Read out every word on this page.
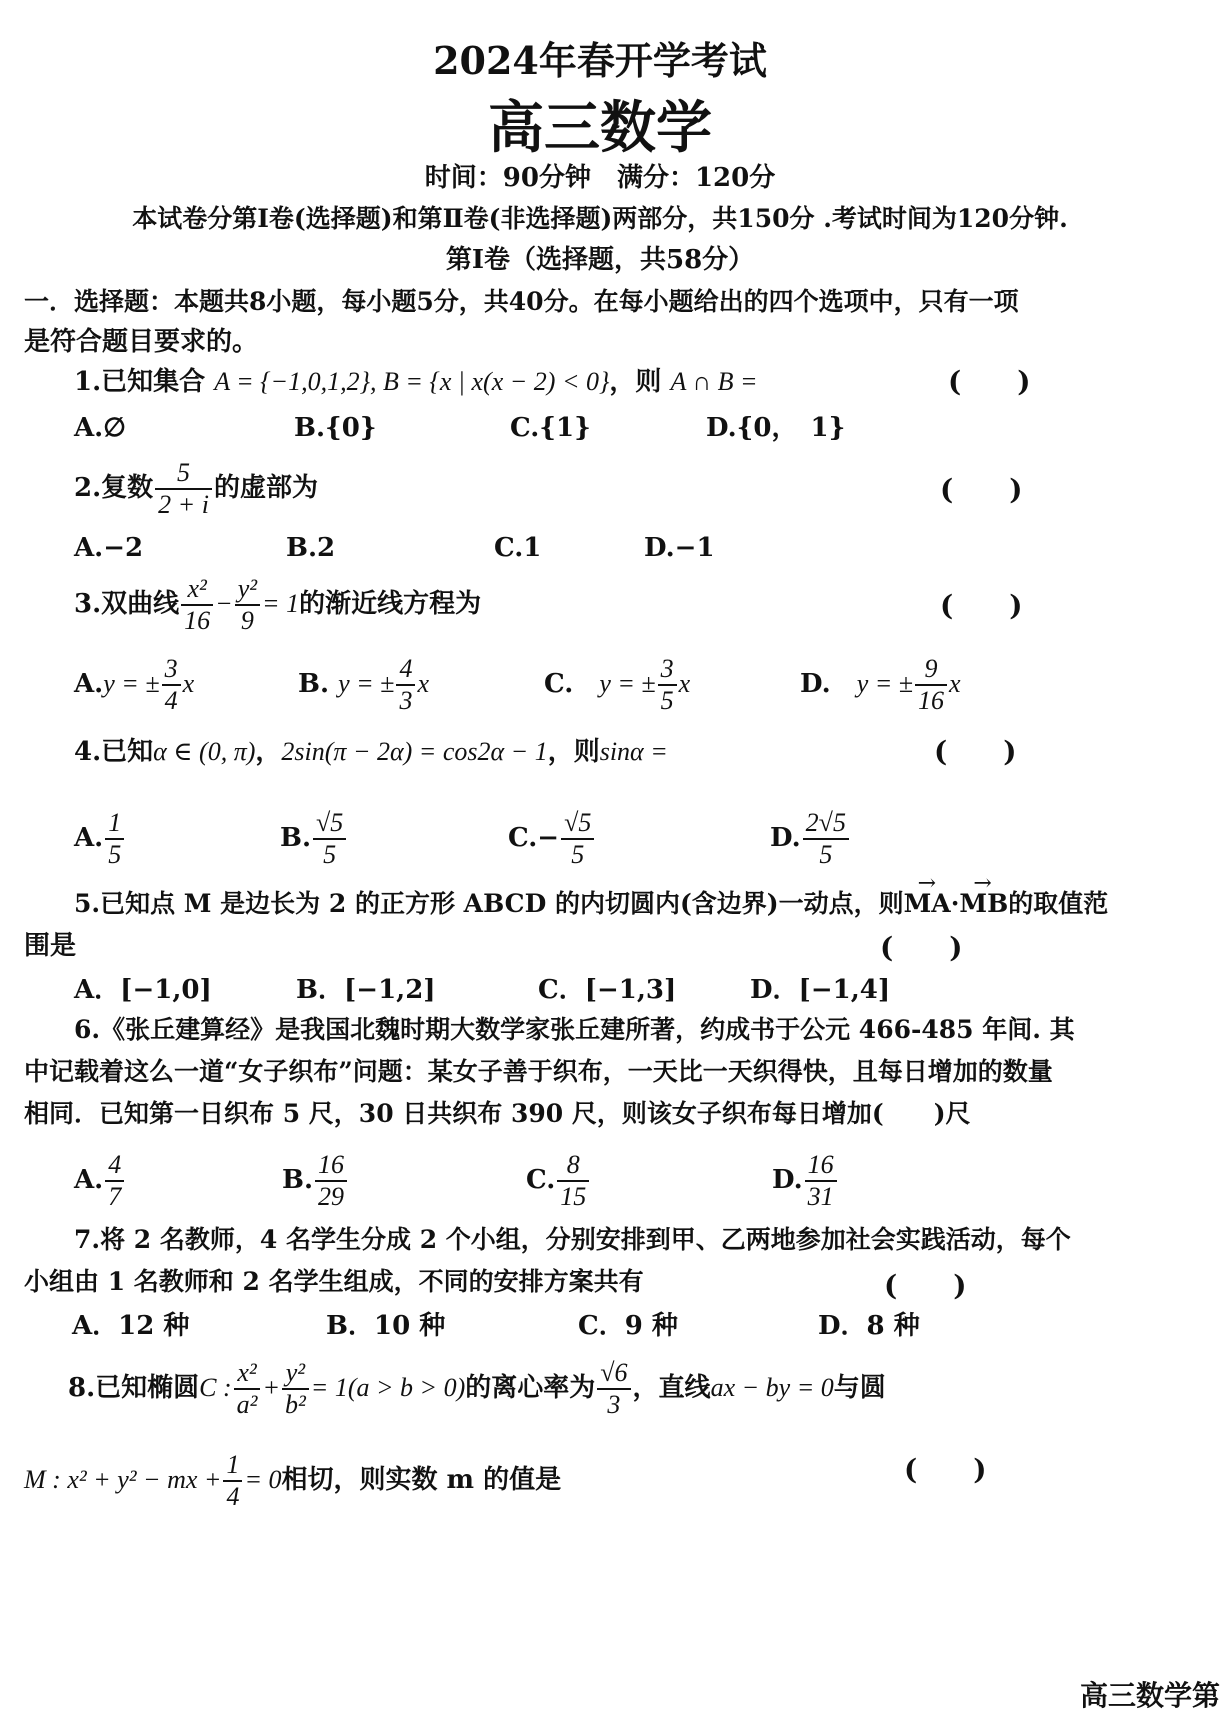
2024年春开学考试
高三数学
时间：90分钟　满分：120分
本试卷分第Ⅰ卷(选择题)和第Ⅱ卷(非选择题)两部分，共150分 .考试时间为120分钟.
第Ⅰ卷（选择题，共58分）
一．选择题：本题共8小题，每小题5分，共40分。在每小题给出的四个选项中，只有一项
是符合题目要求的。
1.已知集合 A = {−1,0,1,2}, B = {x | x(x − 2) < 0}，则 A ∩ B =	(　　)
A.∅	B.{0}	C.{1}	D.{0，　1}
2.复数 $\frac{5}{2 + i}$ 的虚部为	(　　)
A.−2	B.2	C.1	D.−1
3.双曲线 $\frac{\text{x²}}{16} - \frac{\text{y²}}{9} = 1$的渐近线方程为	(　　)
A.y = ± $\frac{3}{4}$ x	B. y = ± $\frac{4}{3}$ x	C.　 y = ± $\frac{3}{5}$ x	D.　 y = ± $\frac{9}{16}$ x
4.已知α ∈ (0, π)，2sin(π − 2α) = cos2α − 1，则sinα =	(　　)
A. $\frac{1}{5}$	B. $\frac{√5}{5}$	$C.- \frac{√5}{5}$	D. $\frac{2√5}{5}$
5.已知点 M 是边长为 2 的正方形 ABCD 的内切圆内(含边界)一动点，则MA →·MB →的取值范
围是	(　　)
A．[−1,0]	B．[−1,2]	C．[−1,3]	D．[−1,4]
6.《张丘建算经》是我国北魏时期大数学家张丘建所著，约成书于公元 466-485 年间. 其
中记载着这么一道“女子织布”问题：某女子善于织布，一天比一天织得快，且每日增加的数量
相同．已知第一日织布 5 尺，30 日共织布 390 尺，则该女子织布每日增加(　　)尺
A. $\frac{4}{7}$	B. $\frac{16}{29}$	C. $\frac{8}{15}$	D. $\frac{16}{31}$
7.将 2 名教师，4 名学生分成 2 个小组，分别安排到甲、乙两地参加社会实践活动，每个
小组由 1 名教师和 2 名学生组成，不同的安排方案共有	(　　)
A．12 种	B．10 种	C．9 种	D．8 种
8.已知椭圆C : $\frac{\text{x²}}{\text{a²}} + \frac{\text{y²}}{\text{b²}} = 1(a > b > 0)$的离心率为 $\frac{√6}{3}$ ，直线ax − by = 0与圆
M : x² + y² − mx + $\frac{1}{4} = 0$相切，则实数 m 的值是	(　　)
高三数学第
